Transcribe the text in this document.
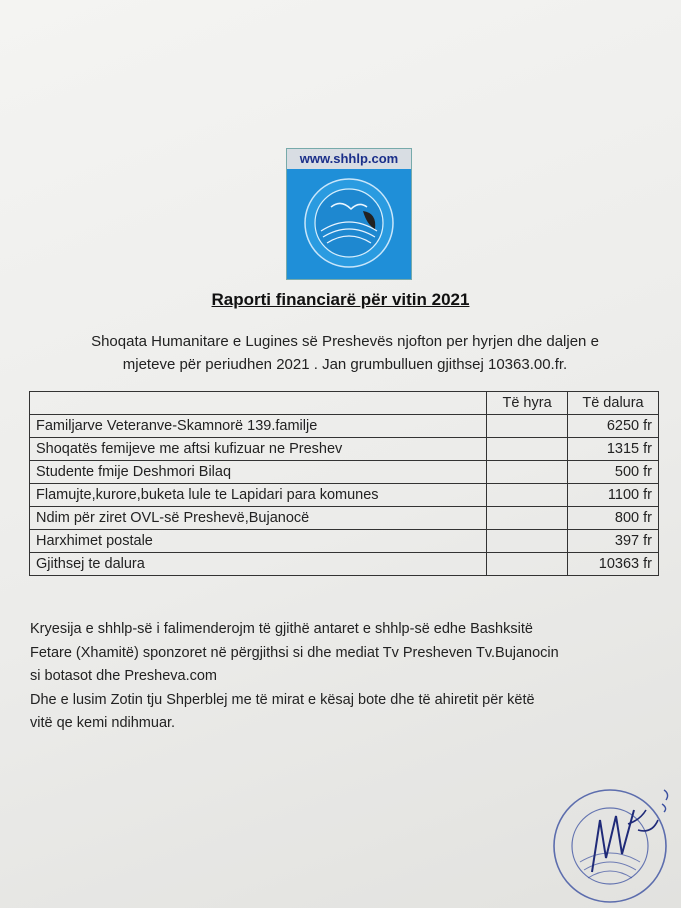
www.shhlp.com
Raporti financiarë për vitin 2021
Shoqata Humanitare e Lugines së Preshevës njofton per hyrjen dhe daljen e
mjeteve për periudhen 2021 . Jan grumbulluen gjithsej 10363.00.fr.
	Të hyra	Të dalura
Familjarve Veteranve-Skamnorë 139.familje		6250 fr
Shoqatës femijeve me aftsi kufizuar ne Preshev		1315 fr
Studente fmije Deshmori Bilaq		500 fr
Flamujte,kurore,buketa lule te Lapidari para komunes		1100 fr
Ndim për ziret OVL-së Preshevë,Bujanocë		800 fr
Harxhimet postale		397 fr
Gjithsej te dalura		10363 fr

Kryesija e shhlp-së i falimenderojm të gjithë antaret e shhlp-së edhe Bashksitë

Fetare (Xhamitë) sponzoret në përgjithsi si dhe mediat Tv Presheven Tv.Bujanocin

si botasot dhe Presheva.com

Dhe e lusim Zotin tju Shperblej me të mirat e kësaj bote dhe të ahiretit për këtë

vitë qe kemi ndihmuar.
